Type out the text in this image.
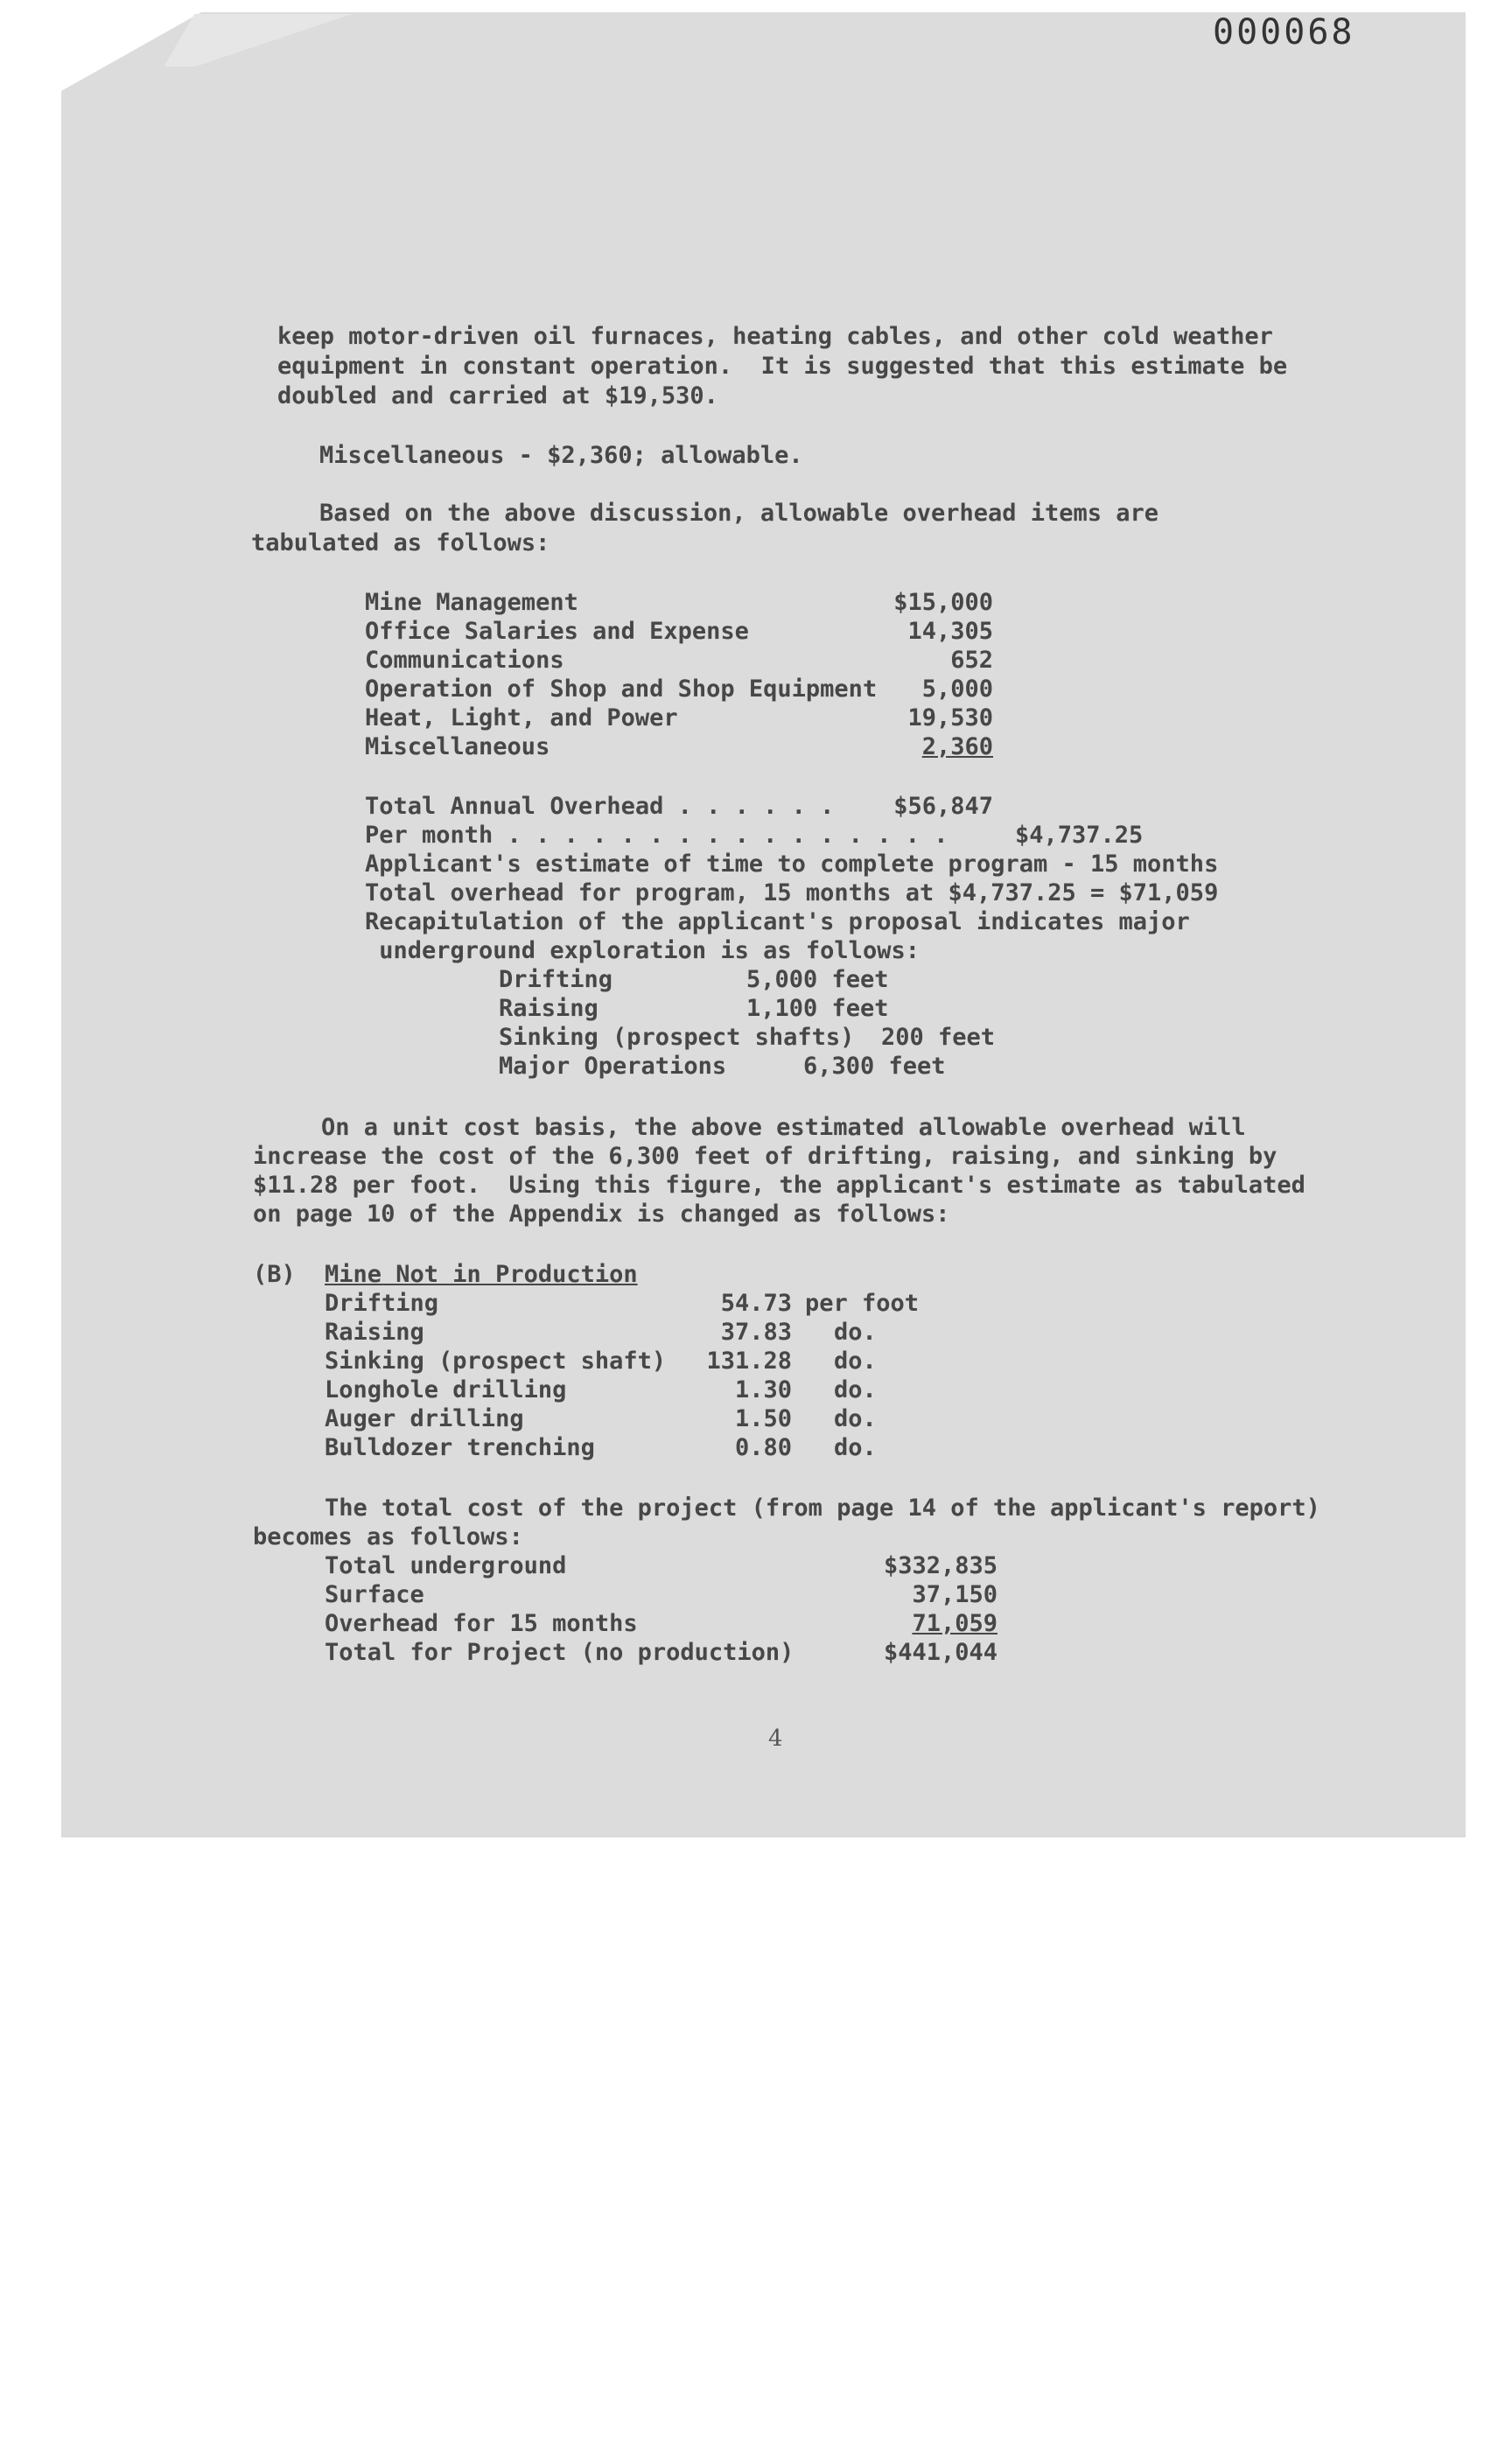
000068
keep motor-driven oil furnaces, heating cables, and other cold weather
equipment in constant operation.  It is suggested that this estimate be
doubled and carried at $19,530.
Miscellaneous - $2,360; allowable.
Based on the above discussion, allowable overhead items are
tabulated as follows:
Mine Management	$15,000
Office Salaries and Expense	14,305
Communications	652
Operation of Shop and Shop Equipment	5,000
Heat, Light, and Power	19,530
Miscellaneous	2,360
Total Annual Overhead . . . . . .	$56,847
Per month . . . . . . . . . . . . . . . .	$4,737.25
Applicant's estimate of time to complete program - 15 months
Total overhead for program, 15 months at $4,737.25 = $71,059
Recapitulation of the applicant's proposal indicates major
underground exploration is as follows:
Drifting	5,000 feet
Raising	1,100 feet
Sinking (prospect shafts) 200 feet
Major Operations	6,300 feet
On a unit cost basis, the above estimated allowable overhead will
increase the cost of the 6,300 feet of drifting, raising, and sinking by
$11.28 per foot.  Using this figure, the applicant's estimate as tabulated
on page 10 of the Appendix is changed as follows:
(B) Mine Not in Production
Drifting	54.73 per foot
Raising	37.83 do.
Sinking (prospect shaft)	131.28 do.
Longhole drilling	1.30 do.
Auger drilling	1.50 do.
Bulldozer trenching	0.80 do.
The total cost of the project (from page 14 of the applicant's report)
becomes as follows:
Total underground	$332,835
Surface	37,150
Overhead for 15 months	71,059
Total for Project (no production)	$441,044
4
